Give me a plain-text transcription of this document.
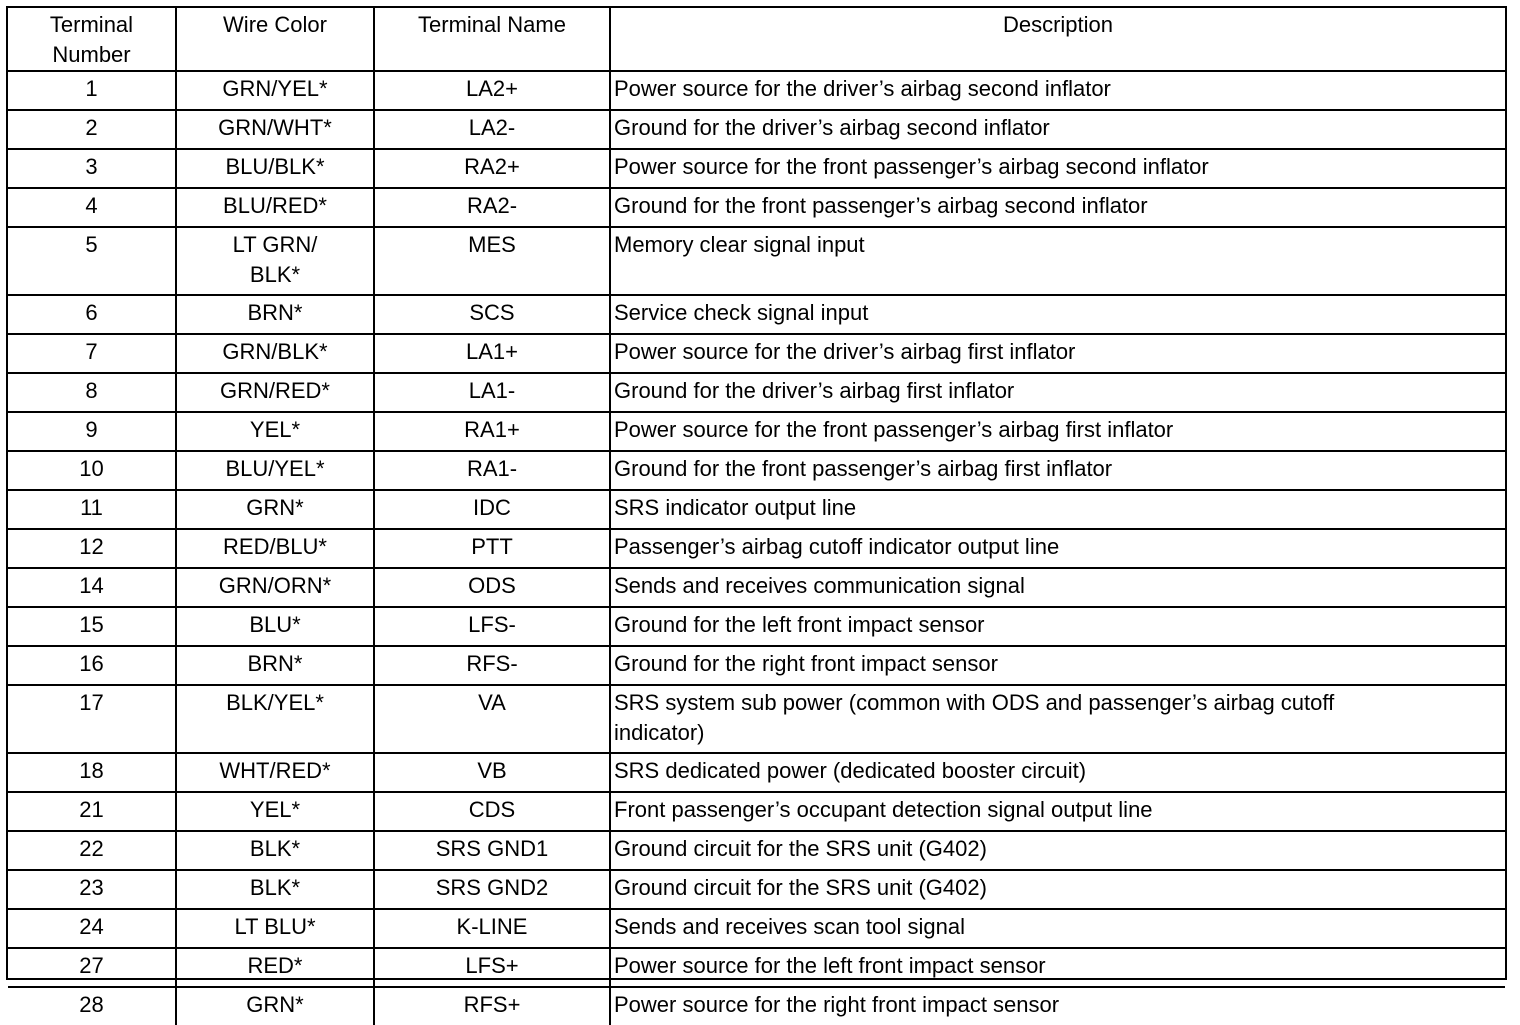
Terminal
Number	Wire Color	Terminal Name	Description
1	GRN/YEL*	LA2+	Power source for the driver’s airbag second inflator
2	GRN/WHT*	LA2-	Ground for the driver’s airbag second inflator
3	BLU/BLK*	RA2+	Power source for the front passenger’s airbag second inflator
4	BLU/RED*	RA2-	Ground for the front passenger’s airbag second inflator
5	LT GRN/
BLK*	MES	Memory clear signal input
6	BRN*	SCS	Service check signal input
7	GRN/BLK*	LA1+	Power source for the driver’s airbag first inflator
8	GRN/RED*	LA1-	Ground for the driver’s airbag first inflator
9	YEL*	RA1+	Power source for the front passenger’s airbag first inflator
10	BLU/YEL*	RA1-	Ground for the front passenger’s airbag first inflator
11	GRN*	IDC	SRS indicator output line
12	RED/BLU*	PTT	Passenger’s airbag cutoff indicator output line
14	GRN/ORN*	ODS	Sends and receives communication signal
15	BLU*	LFS-	Ground for the left front impact sensor
16	BRN*	RFS-	Ground for the right front impact sensor
17	BLK/YEL*	VA	SRS system sub power (common with ODS and passenger’s airbag cutoff
indicator)
18	WHT/RED*	VB	SRS dedicated power (dedicated booster circuit)
21	YEL*	CDS	Front passenger’s occupant detection signal output line
22	BLK*	SRS GND1	Ground circuit for the SRS unit (G402)
23	BLK*	SRS GND2	Ground circuit for the SRS unit (G402)
24	LT BLU*	K-LINE	Sends and receives scan tool signal
27	RED*	LFS+	Power source for the left front impact sensor
28	GRN*	RFS+	Power source for the right front impact sensor
